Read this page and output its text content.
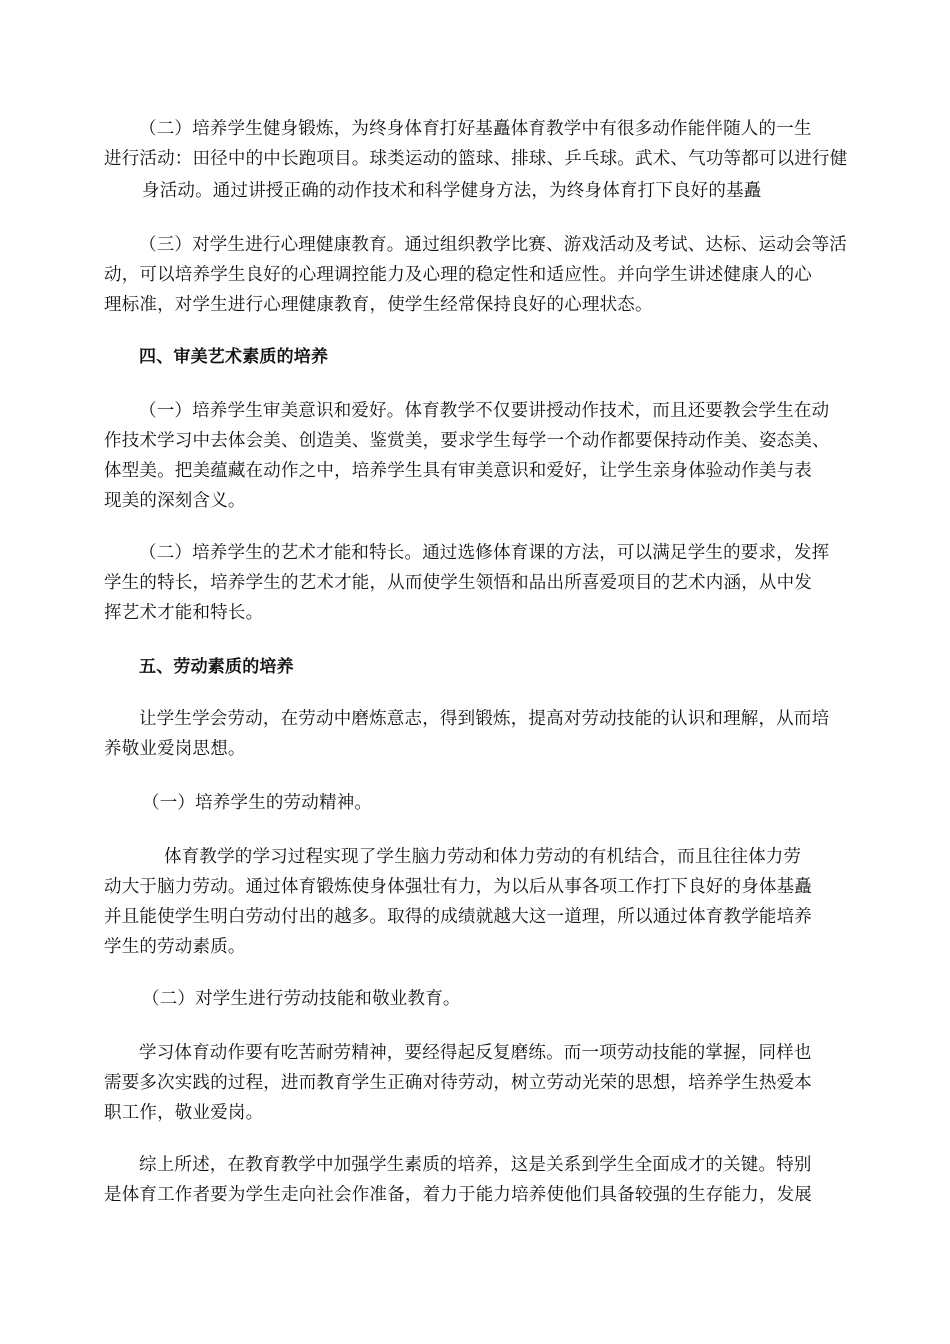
（二）培养学生健身锻炼，为终身体育打好基矗体育教学中有很多动作能伴随人的一生
进行活动：田径中的中长跑项目。球类运动的篮球、排球、乒乓球。武术、气功等都可以进行健
身活动。通过讲授正确的动作技术和科学健身方法，为终身体育打下良好的基矗
（三）对学生进行心理健康教育。通过组织教学比赛、游戏活动及考试、达标、运动会等活
动，可以培养学生良好的心理调控能力及心理的稳定性和适应性。并向学生讲述健康人的心
理标准，对学生进行心理健康教育，使学生经常保持良好的心理状态。
四、审美艺术素质的培养
（一）培养学生审美意识和爱好。体育教学不仅要讲授动作技术，而且还要教会学生在动
作技术学习中去体会美、创造美、鉴赏美，要求学生每学一个动作都要保持动作美、姿态美、
体型美。把美蕴藏在动作之中，培养学生具有审美意识和爱好，让学生亲身体验动作美与表
现美的深刻含义。
（二）培养学生的艺术才能和特长。通过选修体育课的方法，可以满足学生的要求，发挥
学生的特长，培养学生的艺术才能，从而使学生领悟和品出所喜爱项目的艺术内涵，从中发
挥艺术才能和特长。
五、劳动素质的培养
让学生学会劳动，在劳动中磨炼意志，得到锻炼，提高对劳动技能的认识和理解，从而培
养敬业爱岗思想。
（一）培养学生的劳动精神。
体育教学的学习过程实现了学生脑力劳动和体力劳动的有机结合，而且往往体力劳
动大于脑力劳动。通过体育锻炼使身体强壮有力，为以后从事各项工作打下良好的身体基矗
并且能使学生明白劳动付出的越多。取得的成绩就越大这一道理，所以通过体育教学能培养
学生的劳动素质。
（二）对学生进行劳动技能和敬业教育。
学习体育动作要有吃苦耐劳精神，要经得起反复磨练。而一项劳动技能的掌握，同样也
需要多次实践的过程，进而教育学生正确对待劳动，树立劳动光荣的思想，培养学生热爱本
职工作，敬业爱岗。
综上所述，在教育教学中加强学生素质的培养，这是关系到学生全面成才的关键。特别
是体育工作者要为学生走向社会作准备，着力于能力培养使他们具备较强的生存能力，发展
